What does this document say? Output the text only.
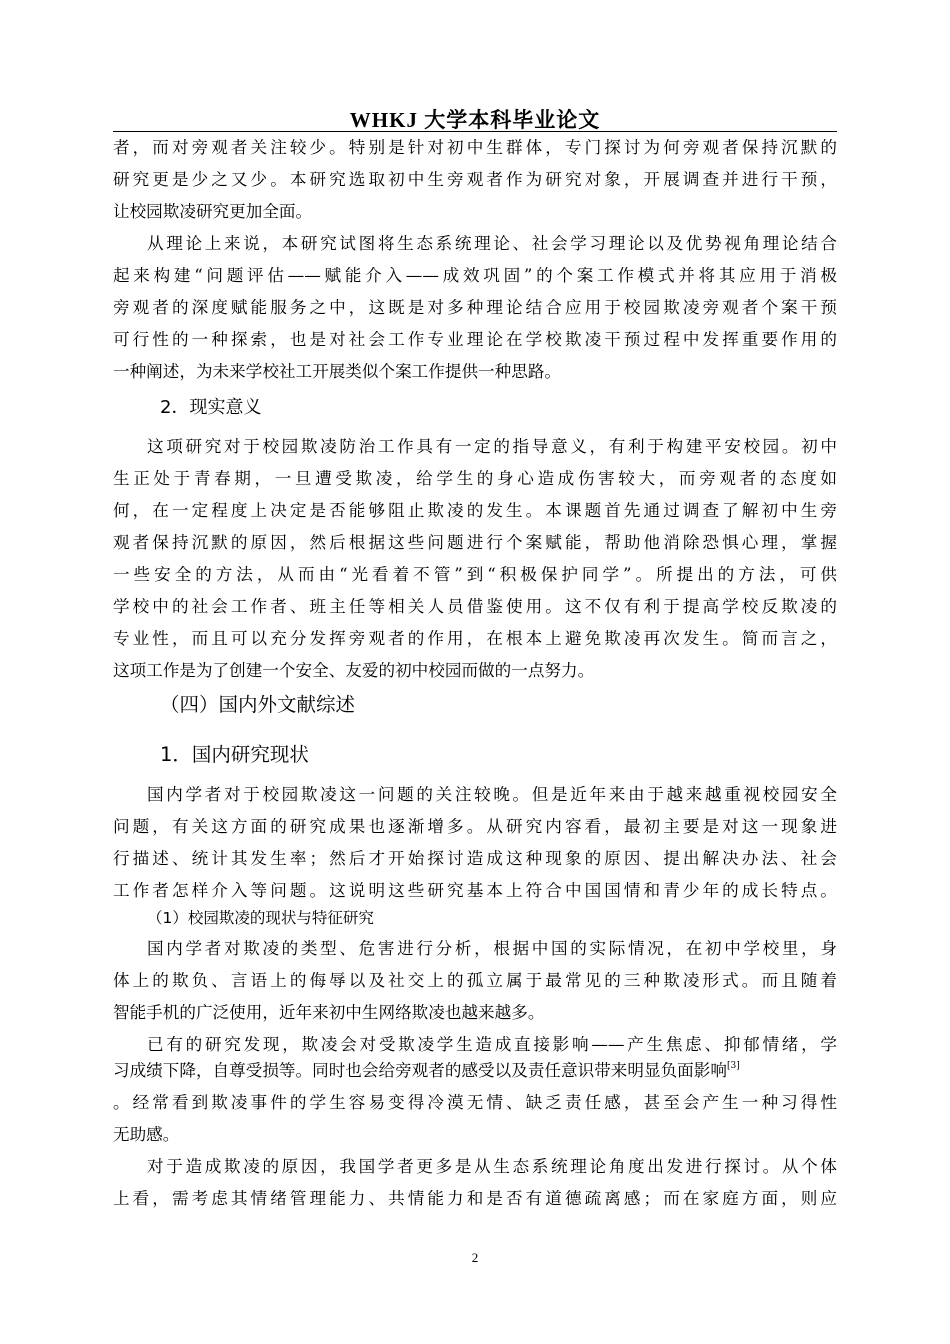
WHKJ 大学本科毕业论文
者，而对旁观者关注较少。特别是针对初中生群体，专门探讨为何旁观者保持沉默的
研究更是少之又少。本研究选取初中生旁观者作为研究对象，开展调查并进行干预，
让校园欺凌研究更加全面。
从理论上来说，本研究试图将生态系统理论、社会学习理论以及优势视角理论结合
起来构建“问题评估——赋能介入——成效巩固”的个案工作模式并将其应用于消极
旁观者的深度赋能服务之中，这既是对多种理论结合应用于校园欺凌旁观者个案干预
可行性的一种探索，也是对社会工作专业理论在学校欺凌干预过程中发挥重要作用的
一种阐述，为未来学校社工开展类似个案工作提供一种思路。
2．现实意义
这项研究对于校园欺凌防治工作具有一定的指导意义，有利于构建平安校园。初中
生正处于青春期，一旦遭受欺凌，给学生的身心造成伤害较大，而旁观者的态度如
何，在一定程度上决定是否能够阻止欺凌的发生。本课题首先通过调查了解初中生旁
观者保持沉默的原因，然后根据这些问题进行个案赋能，帮助他消除恐惧心理，掌握
一些安全的方法，从而由“光看着不管”到“积极保护同学”。所提出的方法，可供
学校中的社会工作者、班主任等相关人员借鉴使用。这不仅有利于提高学校反欺凌的
专业性，而且可以充分发挥旁观者的作用，在根本上避免欺凌再次发生。简而言之，
这项工作是为了创建一个安全、友爱的初中校园而做的一点努力。
（四）国内外文献综述
1．国内研究现状
国内学者对于校园欺凌这一问题的关注较晚。但是近年来由于越来越重视校园安全
问题，有关这方面的研究成果也逐渐增多。从研究内容看，最初主要是对这一现象进
行描述、统计其发生率；然后才开始探讨造成这种现象的原因、提出解决办法、社会
工作者怎样介入等问题。这说明这些研究基本上符合中国国情和青少年的成长特点。
（1）校园欺凌的现状与特征研究
国内学者对欺凌的类型、危害进行分析，根据中国的实际情况，在初中学校里，身
体上的欺负、言语上的侮辱以及社交上的孤立属于最常见的三种欺凌形式。而且随着
智能手机的广泛使用，近年来初中生网络欺凌也越来越多。
已有的研究发现，欺凌会对受欺凌学生造成直接影响——产生焦虑、抑郁情绪，学
习成绩下降，自尊受损等。同时也会给旁观者的感受以及责任意识带来明显负面影响[3]
。经常看到欺凌事件的学生容易变得冷漠无情、缺乏责任感，甚至会产生一种习得性
无助感。
对于造成欺凌的原因，我国学者更多是从生态系统理论角度出发进行探讨。从个体
上看，需考虑其情绪管理能力、共情能力和是否有道德疏离感；而在家庭方面，则应
2
